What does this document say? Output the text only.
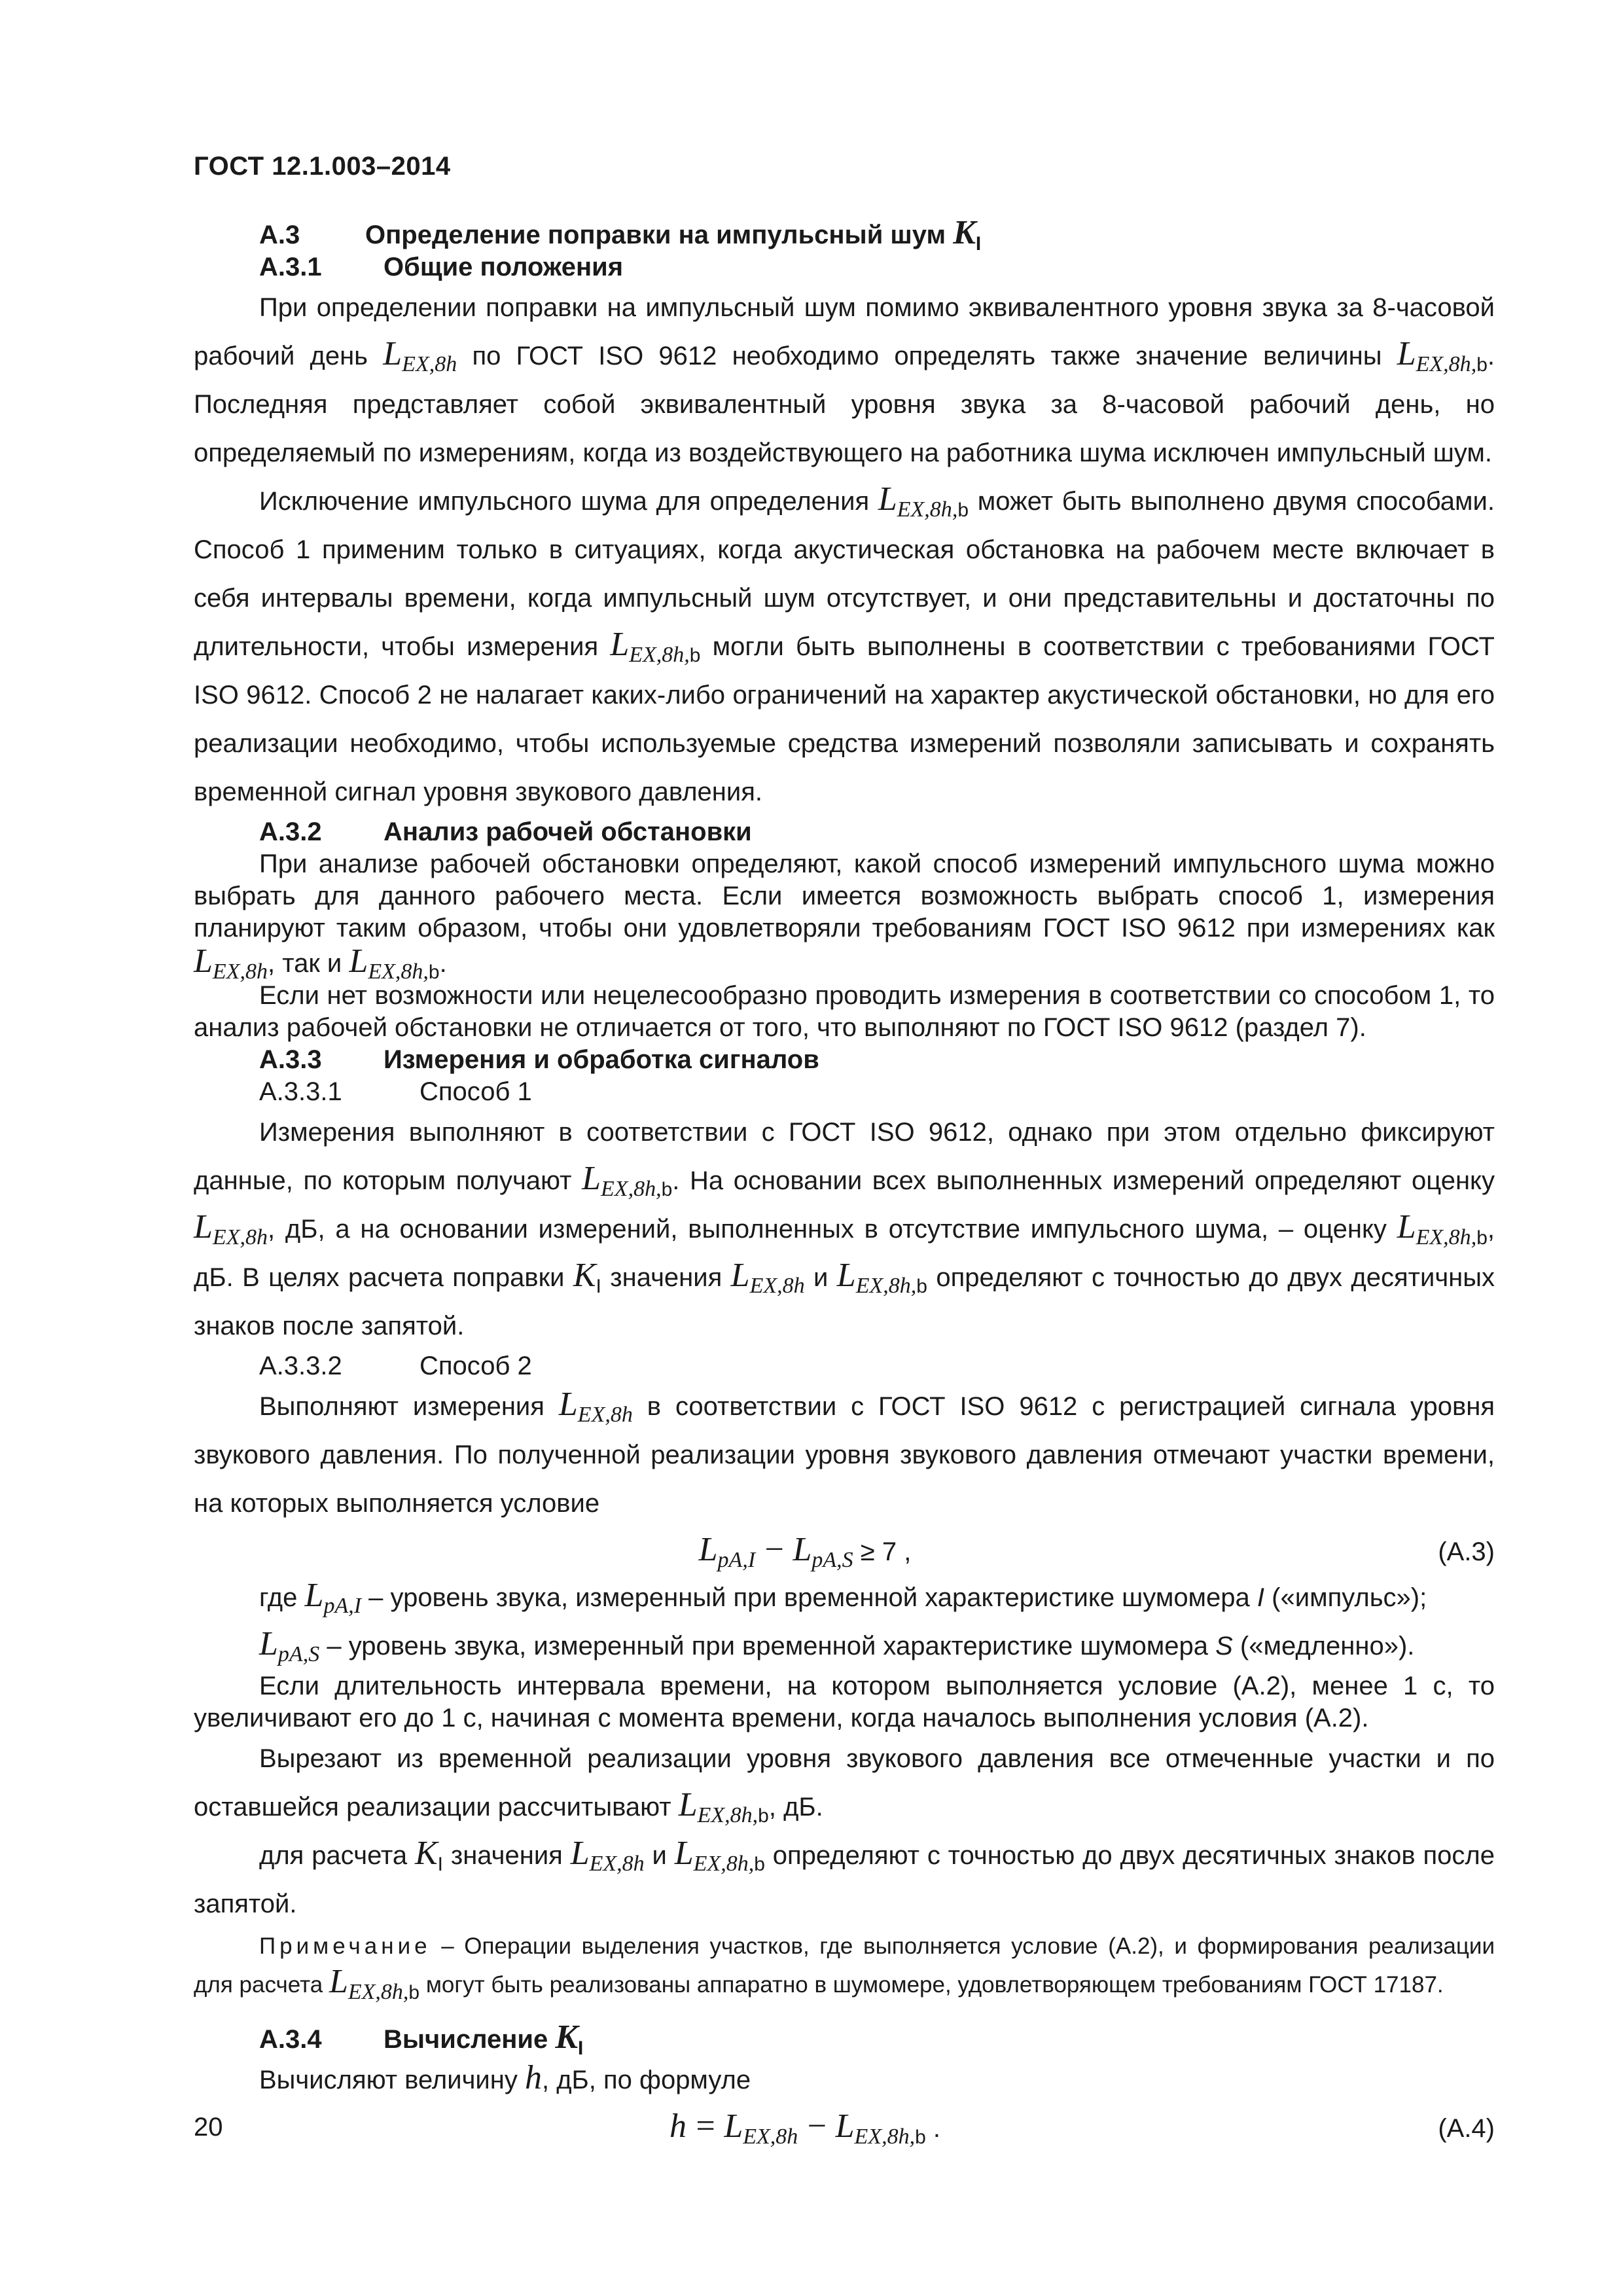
ГОСТ 12.1.003–2014
А.3	Определение поправки на импульсный шум $K_I$
А.3.1	Общие положения

При определении поправки на импульсный шум помимо эквивалентного уровня звука за 8-часовой рабочий день $L_{EX,8h}$ по ГОСТ ISO 9612 необходимо определять также значение величины $L_{EX,8h,b}$. Последняя представляет собой эквивалентный уровня звука за 8-часовой рабочий день, но определяемый по измерениям, когда из воздействующего на работника шума исключен импульсный шум.

Исключение импульсного шума для определения $L_{EX,8h,b}$ может быть выполнено двумя способами. Способ 1 применим только в ситуациях, когда акустическая обстановка на рабочем месте включает в себя интервалы времени, когда импульсный шум отсутствует, и они представительны и достаточны по длительности, чтобы измерения $L_{EX,8h,b}$ могли быть выполнены в соответствии с требованиями ГОСТ ISO 9612. Способ 2 не налагает каких-либо ограничений на характер акустической обстановки, но для его реализации необходимо, чтобы используемые средства измерений позволяли записывать и сохранять временной сигнал уровня звукового давления.

А.3.2	Анализ рабочей обстановки

При анализе рабочей обстановки определяют, какой способ измерений импульсного шума можно выбрать для данного рабочего места. Если имеется возможность выбрать способ 1, измерения планируют таким образом, чтобы они удовлетворяли требованиям ГОСТ ISO 9612 при измерениях как $L_{EX,8h}$, так и $L_{EX,8h,b}$.

Если нет возможности или нецелесообразно проводить измерения в соответствии со способом 1, то анализ рабочей обстановки не отличается от того, что выполняют по ГОСТ ISO 9612 (раздел 7).

А.3.3	Измерения и обработка сигналов
А.3.3.1	Способ 1

Измерения выполняют в соответствии с ГОСТ ISO 9612, однако при этом отдельно фиксируют данные, по которым получают $L_{EX,8h,b}$. На основании всех выполненных измерений определяют оценку $L_{EX,8h}$, дБ, а на основании измерений, выполненных в отсутствие импульсного шума, – оценку $L_{EX,8h,b}$, дБ. В целях расчета поправки $K_I$ значения $L_{EX,8h}$ и $L_{EX,8h,b}$ определяют с точностью до двух десятичных знаков после запятой.

А.3.3.2	Способ 2

Выполняют измерения $L_{EX,8h}$ в соответствии с ГОСТ ISO 9612 с регистрацией сигнала уровня звукового давления. По полученной реализации уровня звукового давления отмечают участки времени, на которых выполняется условие

$L_{pA,I} - L_{pA,S} \ge 7$ ,	(А.3)

где $L_{pA,I}$ – уровень звука, измеренный при временной характеристике шумомера I («импульс»);

$L_{pA,S}$ – уровень звука, измеренный при временной характеристике шумомера S («медленно»).

Если длительность интервала времени, на котором выполняется условие (А.2), менее 1 с, то увеличивают его до 1 с, начиная с момента времени, когда началось выполнения условия (А.2).

Вырезают из временной реализации уровня звукового давления все отмеченные участки и по оставшейся реализации рассчитывают $L_{EX,8h,b}$, дБ.

для расчета $K_I$ значения $L_{EX,8h}$ и $L_{EX,8h,b}$ определяют с точностью до двух десятичных знаков после запятой.

Примечание – Операции выделения участков, где выполняется условие (А.2), и формирования реализации для расчета $L_{EX,8h,b}$ могут быть реализованы аппаратно в шумомере, удовлетворяющем требованиям ГОСТ 17187.

А.3.4	Вычисление $K_I$

Вычисляют величину h, дБ, по формуле

$h = L_{EX,8h} - L_{EX,8h,b}$ .	(А.4)
20
